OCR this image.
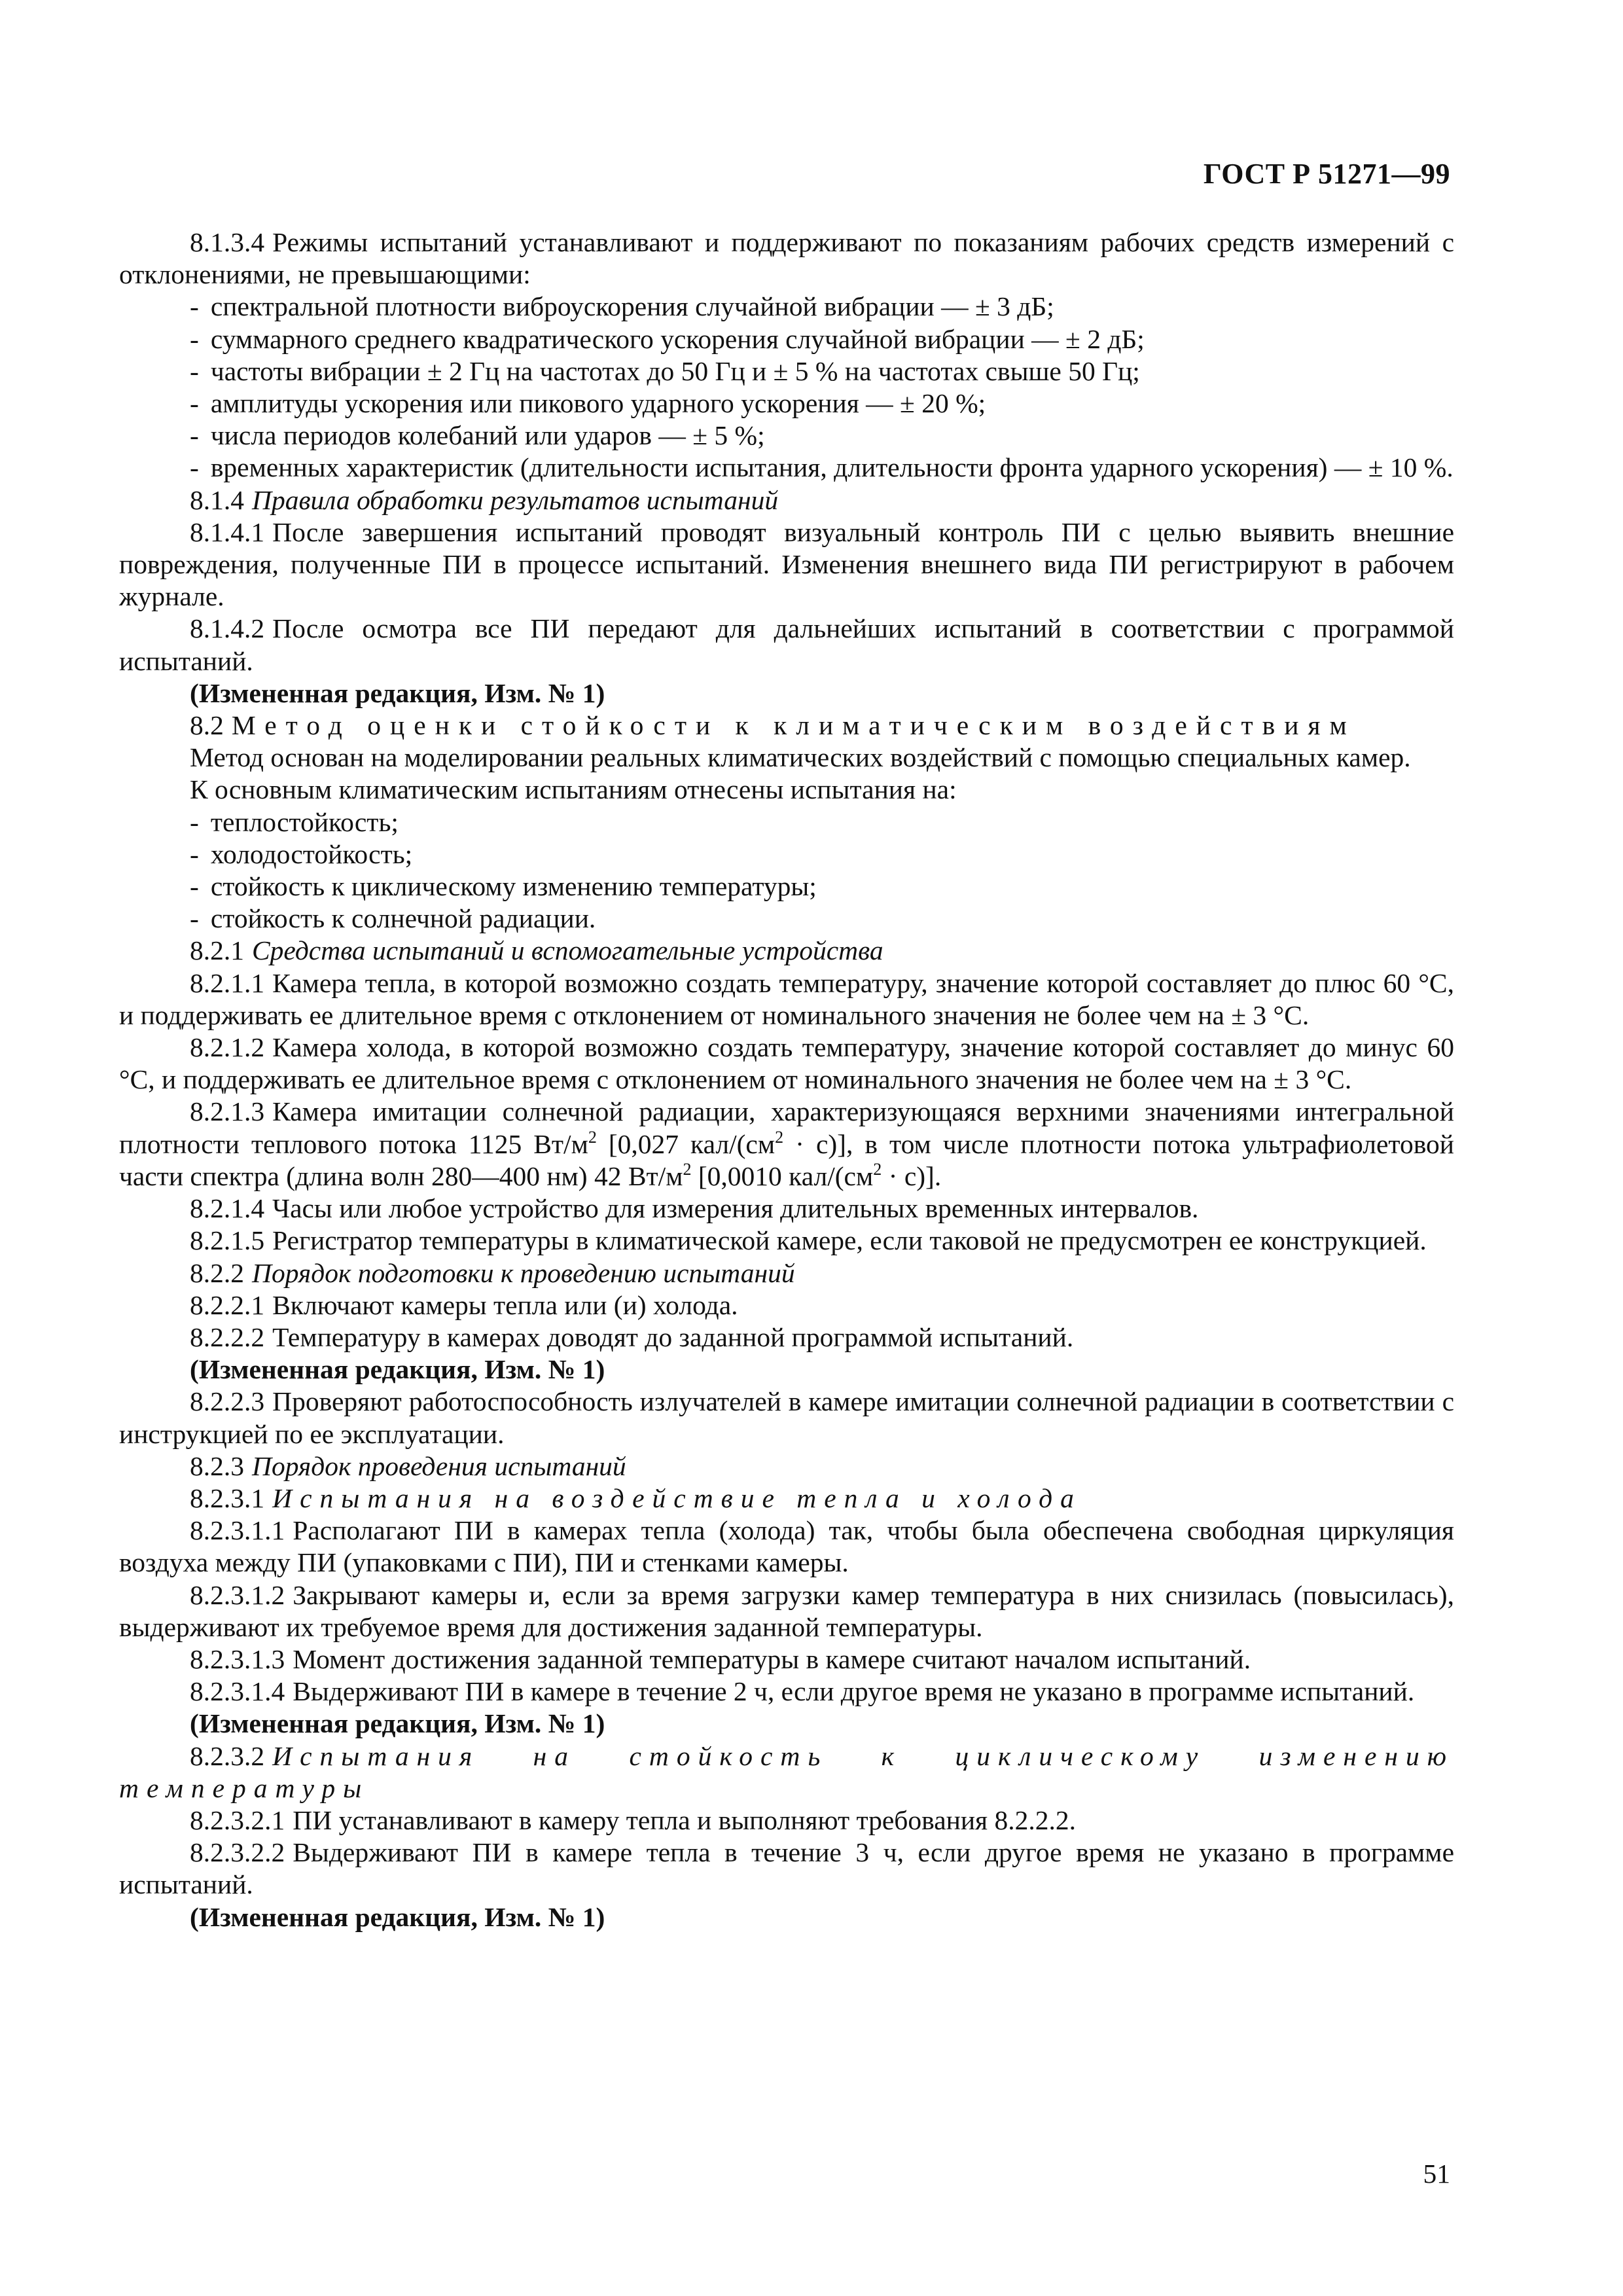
ГОСТ Р 51271—99

8.1.3.4 Режимы испытаний устанавливают и поддерживают по показаниям рабочих средств измерений с отклонениями, не превышающими:

- спектральной плотности виброускорения случайной вибрации — ± 3 дБ;

- суммарного среднего квадратического ускорения случайной вибрации — ± 2 дБ;

- частоты вибрации ± 2 Гц на частотах до 50 Гц и ± 5 % на частотах свыше 50 Гц;

- амплитуды ускорения или пикового ударного ускорения — ± 20 %;

- числа периодов колебаний или ударов — ± 5 %;

- временных характеристик (длительности испытания, длительности фронта ударного ускорения) — ± 10 %.

8.1.4 Правила обработки результатов испытаний

8.1.4.1 После завершения испытаний проводят визуальный контроль ПИ с целью выявить внешние повреждения, полученные ПИ в процессе испытаний. Изменения внешнего вида ПИ регистрируют в рабочем журнале.

8.1.4.2 После осмотра все ПИ передают для дальнейших испытаний в соответствии с программой испытаний.

(Измененная редакция, Изм. № 1)

8.2 Метод оценки стойкости к климатическим воздействиям

Метод основан на моделировании реальных климатических воздействий с помощью специальных камер.

К основным климатическим испытаниям отнесены испытания на:

- теплостойкость;

- холодостойкость;

- стойкость к циклическому изменению температуры;

- стойкость к солнечной радиации.

8.2.1 Средства испытаний и вспомогательные устройства

8.2.1.1 Камера тепла, в которой возможно создать температуру, значение которой составляет до плюс 60 °С, и поддерживать ее длительное время с отклонением от номинального значения не более чем на ± 3 °С.

8.2.1.2 Камера холода, в которой возможно создать температуру, значение которой составляет до минус 60 °С, и поддерживать ее длительное время с отклонением от номинального значения не более чем на ± 3 °С.

8.2.1.3 Камера имитации солнечной радиации, характеризующаяся верхними значениями интегральной плотности теплового потока 1125 $Вт/м^2$ [0,027 кал/$(см^2 \cdot с)$], в том числе плотности потока ультрафиолетовой части спектра (длина волн 280—400 нм) 42 $Вт/м^2$ [0,0010 кал/$(см^2 \cdot с)$].

8.2.1.4 Часы или любое устройство для измерения длительных временных интервалов.

8.2.1.5 Регистратор температуры в климатической камере, если таковой не предусмотрен ее конструкцией.

8.2.2 Порядок подготовки к проведению испытаний

8.2.2.1 Включают камеры тепла или (и) холода.

8.2.2.2 Температуру в камерах доводят до заданной программой испытаний.

(Измененная редакция, Изм. № 1)

8.2.2.3 Проверяют работоспособность излучателей в камере имитации солнечной радиации в соответствии с инструкцией по ее эксплуатации.

8.2.3 Порядок проведения испытаний

8.2.3.1 Испытания на воздействие тепла и холода

8.2.3.1.1 Располагают ПИ в камерах тепла (холода) так, чтобы была обеспечена свободная циркуляция воздуха между ПИ (упаковками с ПИ), ПИ и стенками камеры.

8.2.3.1.2 Закрывают камеры и, если за время загрузки камер температура в них снизилась (повысилась), выдерживают их требуемое время для достижения заданной температуры.

8.2.3.1.3 Момент достижения заданной температуры в камере считают началом испытаний.

8.2.3.1.4 Выдерживают ПИ в камере в течение 2 ч, если другое время не указано в программе испытаний.

(Измененная редакция, Изм. № 1)

8.2.3.2 Испытания на стойкость к циклическому изменению температуры

8.2.3.2.1 ПИ устанавливают в камеру тепла и выполняют требования 8.2.2.2.

8.2.3.2.2 Выдерживают ПИ в камере тепла в течение 3 ч, если другое время не указано в программе испытаний.

(Измененная редакция, Изм. № 1)

51
